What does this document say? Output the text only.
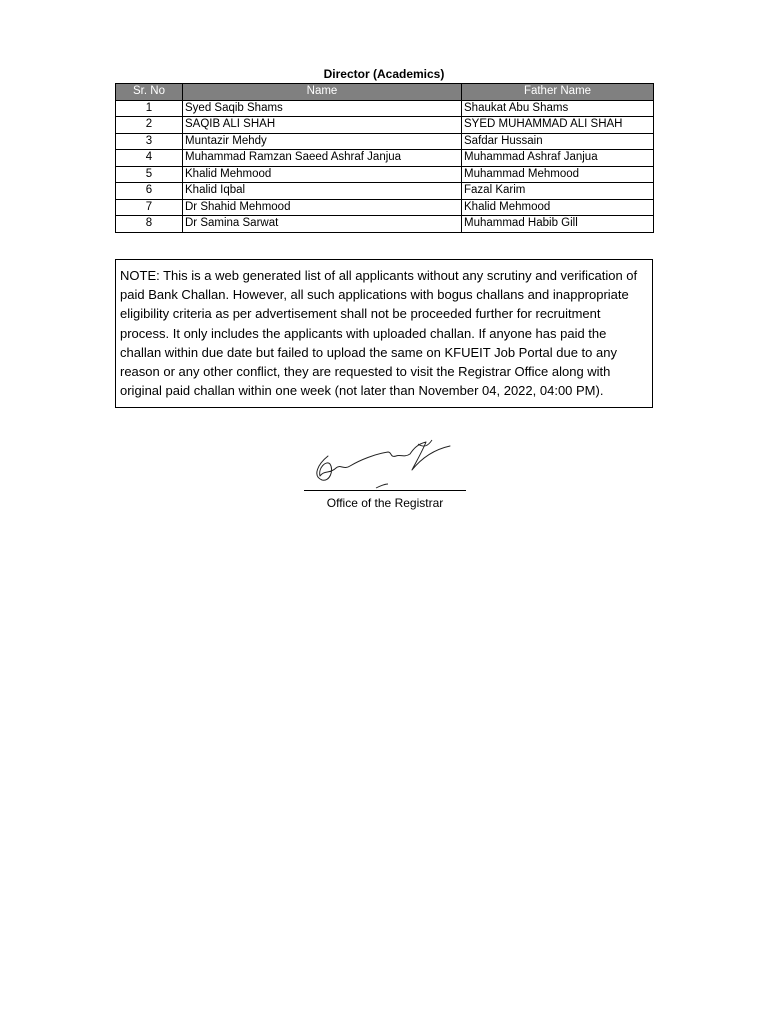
Director (Academics)
Sr. No	Name	Father Name
1	Syed Saqib Shams	Shaukat Abu Shams
2	SAQIB ALI SHAH	SYED MUHAMMAD ALI SHAH
3	Muntazir Mehdy	Safdar Hussain
4	Muhammad Ramzan Saeed Ashraf Janjua	Muhammad Ashraf Janjua
5	Khalid Mehmood	Muhammad Mehmood
6	Khalid Iqbal	Fazal Karim
7	Dr Shahid Mehmood	Khalid Mehmood
8	Dr Samina Sarwat	Muhammad Habib Gill
NOTE: This is a web generated list of all applicants without any scrutiny and verification of paid Bank Challan. However, all such applications with bogus challans and inappropriate eligibility criteria as per advertisement shall not be proceeded further for recruitment process. It only includes the applicants with uploaded challan. If anyone has paid the challan within due date but failed to upload the same on KFUEIT Job Portal due to any reason or any other conflict, they are requested to visit the Registrar Office along with original paid challan within one week (not later than November 04, 2022, 04:00 PM).
Office of the Registrar
